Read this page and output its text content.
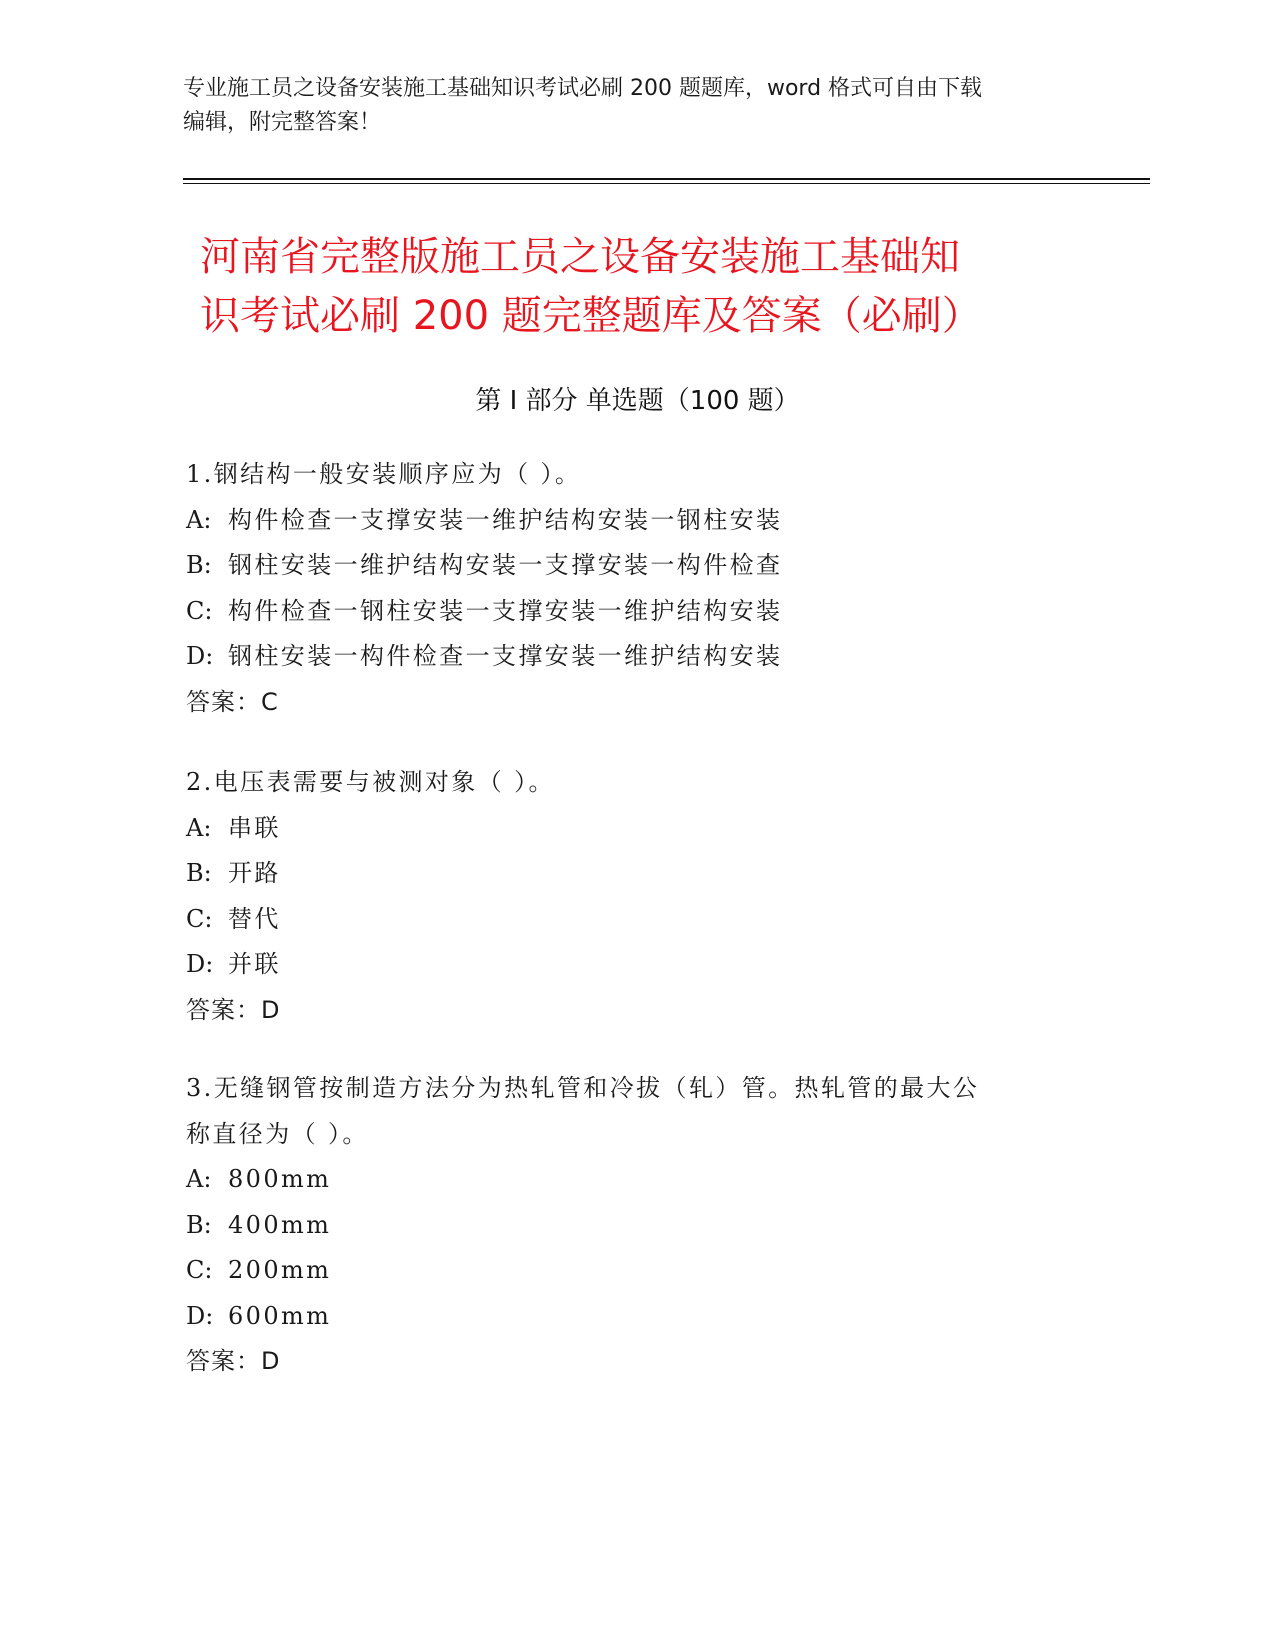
专业施工员之设备安装施工基础知识考试必刷 200 题题库，word 格式可自由下载
编辑，附完整答案！
河南省完整版施工员之设备安装施工基础知
识考试必刷 200 题完整题库及答案（必刷）
第 I 部分 单选题（100 题）
1.钢结构一般安装顺序应为（ ）。
A: 构件检查一支撑安装一维护结构安装一钢柱安装
B: 钢柱安装一维护结构安装一支撑安装一构件检查
C: 构件检查一钢柱安装一支撑安装一维护结构安装
D: 钢柱安装一构件检查一支撑安装一维护结构安装
答案：C
2.电压表需要与被测对象（ ）。
A: 串联
B: 开路
C: 替代
D: 并联
答案：D
3.无缝钢管按制造方法分为热轧管和冷拔（轧）管。热轧管的最大公
称直径为（ ）。
A: 800mm
B: 400mm
C: 200mm
D: 600mm
答案：D
